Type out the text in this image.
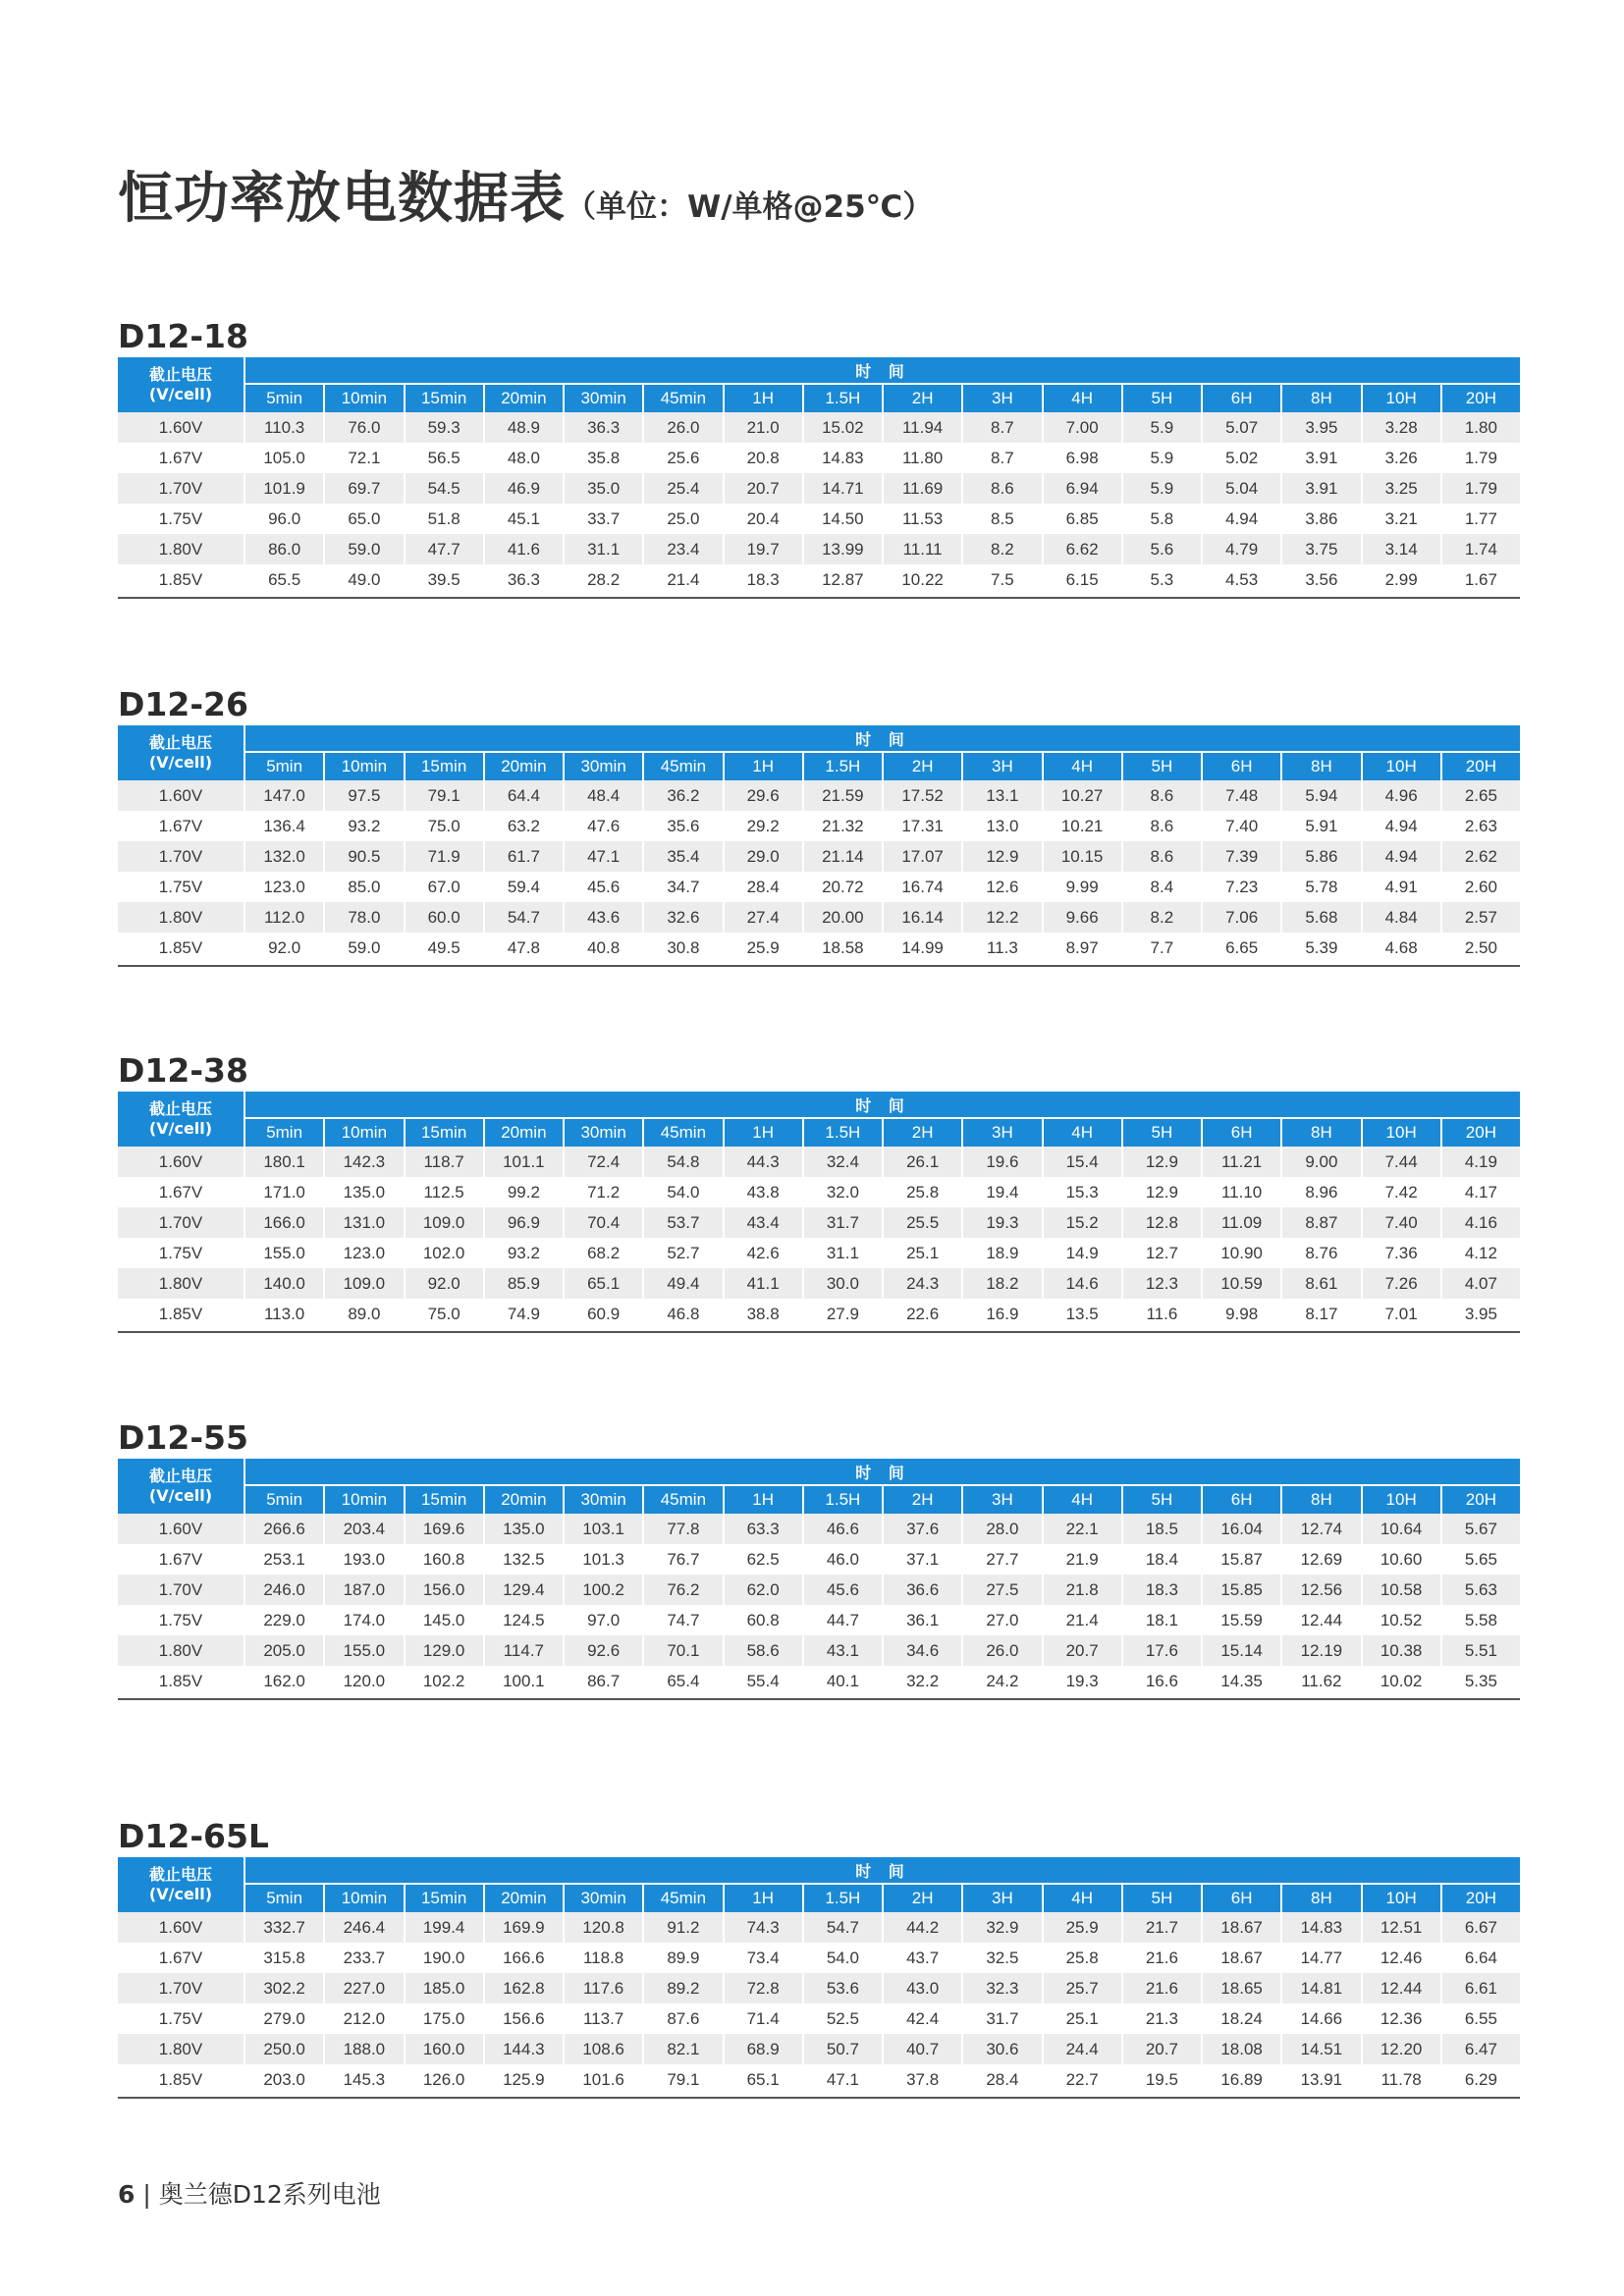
恒功率放电数据表（单位：W/单格@25℃）
D12-18
截止电压
(V/cell)	时 间															
	5min	10min	15min	20min	30min	45min	1H	1.5H	2H	3H	4H	5H	6H	8H	10H	20H
1.60V	110.3	76.0	59.3	48.9	36.3	26.0	21.0	15.02	11.94	8.7	7.00	5.9	5.07	3.95	3.28	1.80
1.67V	105.0	72.1	56.5	48.0	35.8	25.6	20.8	14.83	11.80	8.7	6.98	5.9	5.02	3.91	3.26	1.79
1.70V	101.9	69.7	54.5	46.9	35.0	25.4	20.7	14.71	11.69	8.6	6.94	5.9	5.04	3.91	3.25	1.79
1.75V	96.0	65.0	51.8	45.1	33.7	25.0	20.4	14.50	11.53	8.5	6.85	5.8	4.94	3.86	3.21	1.77
1.80V	86.0	59.0	47.7	41.6	31.1	23.4	19.7	13.99	11.11	8.2	6.62	5.6	4.79	3.75	3.14	1.74
1.85V	65.5	49.0	39.5	36.3	28.2	21.4	18.3	12.87	10.22	7.5	6.15	5.3	4.53	3.56	2.99	1.67
D12-26
截止电压
(V/cell)	时 间															
	5min	10min	15min	20min	30min	45min	1H	1.5H	2H	3H	4H	5H	6H	8H	10H	20H
1.60V	147.0	97.5	79.1	64.4	48.4	36.2	29.6	21.59	17.52	13.1	10.27	8.6	7.48	5.94	4.96	2.65
1.67V	136.4	93.2	75.0	63.2	47.6	35.6	29.2	21.32	17.31	13.0	10.21	8.6	7.40	5.91	4.94	2.63
1.70V	132.0	90.5	71.9	61.7	47.1	35.4	29.0	21.14	17.07	12.9	10.15	8.6	7.39	5.86	4.94	2.62
1.75V	123.0	85.0	67.0	59.4	45.6	34.7	28.4	20.72	16.74	12.6	9.99	8.4	7.23	5.78	4.91	2.60
1.80V	112.0	78.0	60.0	54.7	43.6	32.6	27.4	20.00	16.14	12.2	9.66	8.2	7.06	5.68	4.84	2.57
1.85V	92.0	59.0	49.5	47.8	40.8	30.8	25.9	18.58	14.99	11.3	8.97	7.7	6.65	5.39	4.68	2.50
D12-38
截止电压
(V/cell)	时 间															
	5min	10min	15min	20min	30min	45min	1H	1.5H	2H	3H	4H	5H	6H	8H	10H	20H
1.60V	180.1	142.3	118.7	101.1	72.4	54.8	44.3	32.4	26.1	19.6	15.4	12.9	11.21	9.00	7.44	4.19
1.67V	171.0	135.0	112.5	99.2	71.2	54.0	43.8	32.0	25.8	19.4	15.3	12.9	11.10	8.96	7.42	4.17
1.70V	166.0	131.0	109.0	96.9	70.4	53.7	43.4	31.7	25.5	19.3	15.2	12.8	11.09	8.87	7.40	4.16
1.75V	155.0	123.0	102.0	93.2	68.2	52.7	42.6	31.1	25.1	18.9	14.9	12.7	10.90	8.76	7.36	4.12
1.80V	140.0	109.0	92.0	85.9	65.1	49.4	41.1	30.0	24.3	18.2	14.6	12.3	10.59	8.61	7.26	4.07
1.85V	113.0	89.0	75.0	74.9	60.9	46.8	38.8	27.9	22.6	16.9	13.5	11.6	9.98	8.17	7.01	3.95
D12-55
截止电压
(V/cell)	时 间															
	5min	10min	15min	20min	30min	45min	1H	1.5H	2H	3H	4H	5H	6H	8H	10H	20H
1.60V	266.6	203.4	169.6	135.0	103.1	77.8	63.3	46.6	37.6	28.0	22.1	18.5	16.04	12.74	10.64	5.67
1.67V	253.1	193.0	160.8	132.5	101.3	76.7	62.5	46.0	37.1	27.7	21.9	18.4	15.87	12.69	10.60	5.65
1.70V	246.0	187.0	156.0	129.4	100.2	76.2	62.0	45.6	36.6	27.5	21.8	18.3	15.85	12.56	10.58	5.63
1.75V	229.0	174.0	145.0	124.5	97.0	74.7	60.8	44.7	36.1	27.0	21.4	18.1	15.59	12.44	10.52	5.58
1.80V	205.0	155.0	129.0	114.7	92.6	70.1	58.6	43.1	34.6	26.0	20.7	17.6	15.14	12.19	10.38	5.51
1.85V	162.0	120.0	102.2	100.1	86.7	65.4	55.4	40.1	32.2	24.2	19.3	16.6	14.35	11.62	10.02	5.35
D12-65L
截止电压
(V/cell)	时 间															
	5min	10min	15min	20min	30min	45min	1H	1.5H	2H	3H	4H	5H	6H	8H	10H	20H
1.60V	332.7	246.4	199.4	169.9	120.8	91.2	74.3	54.7	44.2	32.9	25.9	21.7	18.67	14.83	12.51	6.67
1.67V	315.8	233.7	190.0	166.6	118.8	89.9	73.4	54.0	43.7	32.5	25.8	21.6	18.67	14.77	12.46	6.64
1.70V	302.2	227.0	185.0	162.8	117.6	89.2	72.8	53.6	43.0	32.3	25.7	21.6	18.65	14.81	12.44	6.61
1.75V	279.0	212.0	175.0	156.6	113.7	87.6	71.4	52.5	42.4	31.7	25.1	21.3	18.24	14.66	12.36	6.55
1.80V	250.0	188.0	160.0	144.3	108.6	82.1	68.9	50.7	40.7	30.6	24.4	20.7	18.08	14.51	12.20	6.47
1.85V	203.0	145.3	126.0	125.9	101.6	79.1	65.1	47.1	37.8	28.4	22.7	19.5	16.89	13.91	11.78	6.29
6 | 奥兰德D12系列电池
